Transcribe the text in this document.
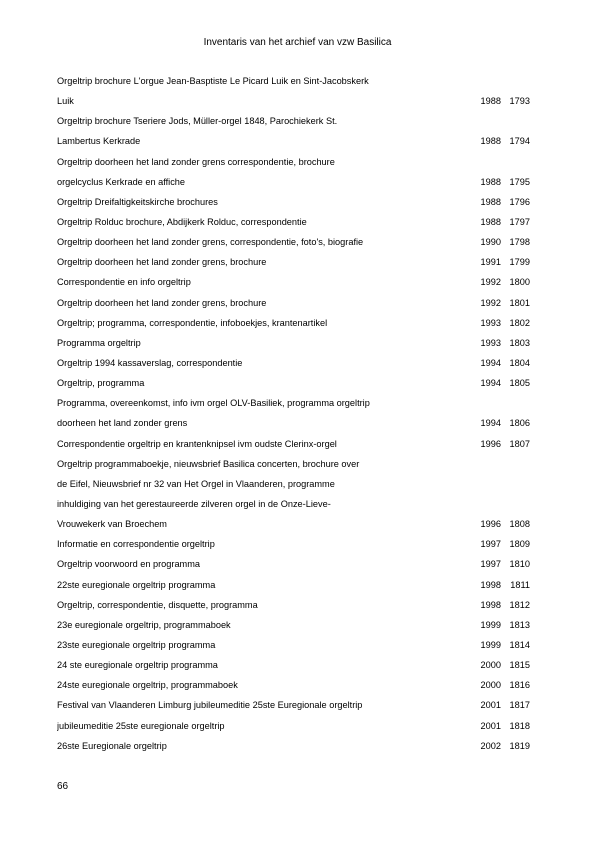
Inventaris van het archief van vzw Basilica
Orgeltrip brochure L'orgue Jean-Basptiste Le Picard Luik en Sint-Jacobskerk
Luik	1988 1793
Orgeltrip brochure Tseriere Jods, Müller-orgel 1848, Parochiekerk St.
Lambertus Kerkrade	1988 1794
Orgeltrip doorheen het land zonder grens correspondentie, brochure
orgelcyclus Kerkrade en affiche	1988 1795
Orgeltrip Dreifaltigkeitskirche brochures	1988 1796
Orgeltrip Rolduc brochure, Abdijkerk Rolduc, correspondentie	1988 1797
Orgeltrip doorheen het land zonder grens, correspondentie, foto's, biografie	1990 1798
Orgeltrip doorheen het land zonder grens, brochure	1991 1799
Correspondentie en info orgeltrip	1992 1800
Orgeltrip doorheen het land zonder grens, brochure	1992 1801
Orgeltrip; programma, correspondentie, infoboekjes, krantenartikel	1993 1802
Programma orgeltrip	1993 1803
Orgeltrip 1994 kassaverslag, correspondentie	1994 1804
Orgeltrip, programma	1994 1805
Programma, overeenkomst, info ivm orgel OLV-Basiliek, programma orgeltrip
doorheen het land zonder grens	1994 1806
Correspondentie orgeltrip en krantenknipsel ivm oudste Clerinx-orgel	1996 1807
Orgeltrip programmaboekje, nieuwsbrief Basilica concerten, brochure over
de Eifel, Nieuwsbrief nr 32 van Het Orgel in Vlaanderen, programme
inhuldiging van het gerestaureerde zilveren orgel in de Onze-Lieve-
Vrouwekerk van Broechem	1996 1808
Informatie en correspondentie orgeltrip	1997 1809
Orgeltrip voorwoord en programma	1997 1810
22ste euregionale orgeltrip programma	1998	1811
Orgeltrip, correspondentie, disquette, programma	1998 1812
23e euregionale orgeltrip, programmaboek	1999 1813
23ste euregionale orgeltrip programma	1999 1814
24 ste euregionale orgeltrip programma	2000 1815
24ste euregionale orgeltrip, programmaboek	2000 1816
Festival van Vlaanderen Limburg jubileumeditie 25ste Euregionale orgeltrip	2001 1817
jubileumeditie 25ste euregionale orgeltrip	2001 1818
26ste Euregionale orgeltrip	2002 1819
66
